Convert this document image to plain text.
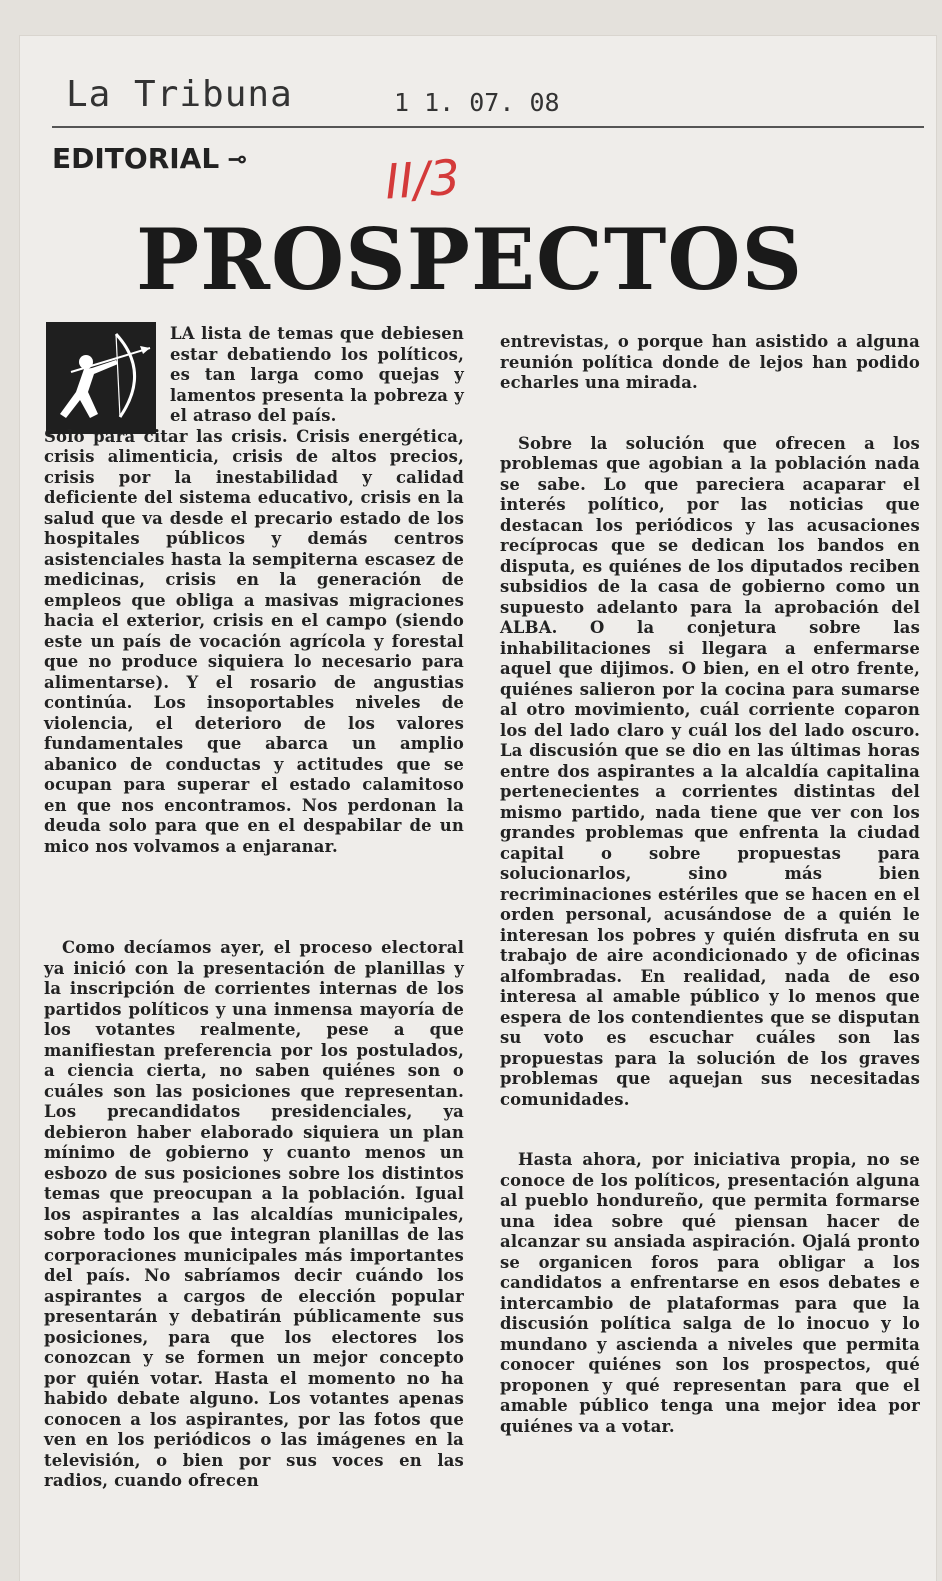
La Tribuna	1 1. 07. 08
EDITORIAL ⊸	II/3
PROSPECTOS
LA lista de temas que debiesen estar debatiendo los políticos, es tan larga como quejas y lamentos presenta la pobreza y el atraso del país.
Solo para citar las crisis. Crisis energética, crisis alimenticia, crisis de altos precios, crisis por la inestabilidad y calidad deficiente del sistema educativo, crisis en la salud que va desde el precario estado de los hospitales públicos y demás centros asistenciales hasta la sempiterna escasez de medicinas, crisis en la generación de empleos que obliga a masivas migraciones hacia el exterior, crisis en el campo (siendo este un país de vocación agrícola y forestal que no produce siquiera lo necesario para alimentarse). Y el rosario de angustias continúa. Los insoportables niveles de violencia, el deterioro de los valores fundamentales que abarca un amplio abanico de conductas y actitudes que se ocupan para superar el estado calamitoso en que nos encontramos. Nos perdonan la deuda solo para que en el despabilar de un mico nos volvamos a enjaranar.

Como decíamos ayer, el proceso electoral ya inició con la presentación de planillas y la inscripción de corrientes internas de los partidos políticos y una inmensa mayoría de los votantes realmente, pese a que manifiestan preferencia por los postulados, a ciencia cierta, no saben quiénes son o cuáles son las posiciones que representan. Los precandidatos presidenciales, ya debieron haber elaborado siquiera un plan mínimo de gobierno y cuanto menos un esbozo de sus posiciones sobre los distintos temas que preocupan a la población. Igual los aspirantes a las alcaldías municipales, sobre todo los que integran planillas de las corporaciones municipales más importantes del país. No sabríamos decir cuándo los aspirantes a cargos de elección popular presentarán y debatirán públicamente sus posiciones, para que los electores los conozcan y se formen un mejor concepto por quién votar. Hasta el momento no ha habido debate alguno. Los votantes apenas conocen a los aspirantes, por las fotos que ven en los periódicos o las imágenes en la televisión, o bien por sus voces en las radios, cuando ofrecen

entrevistas, o porque han asistido a alguna reunión política donde de lejos han podido echarles una mirada.

Sobre la solución que ofrecen a los problemas que agobian a la población nada se sabe. Lo que pareciera acaparar el interés político, por las noticias que destacan los periódicos y las acusaciones recíprocas que se dedican los bandos en disputa, es quiénes de los diputados reciben subsidios de la casa de gobierno como un supuesto adelanto para la aprobación del ALBA. O la conjetura sobre las inhabilitaciones si llegara a enfermarse aquel que dijimos. O bien, en el otro frente, quiénes salieron por la cocina para sumarse al otro movimiento, cuál corriente coparon los del lado claro y cuál los del lado oscuro. La discusión que se dio en las últimas horas entre dos aspirantes a la alcaldía capitalina pertenecientes a corrientes distintas del mismo partido, nada tiene que ver con los grandes problemas que enfrenta la ciudad capital o sobre propuestas para solucionarlos, sino más bien recriminaciones estériles que se hacen en el orden personal, acusándose de a quién le interesan los pobres y quién disfruta en su trabajo de aire acondicionado y de oficinas alfombradas. En realidad, nada de eso interesa al amable público y lo menos que espera de los contendientes que se disputan su voto es escuchar cuáles son las propuestas para la solución de los graves problemas que aquejan sus necesitadas comunidades.

Hasta ahora, por iniciativa propia, no se conoce de los políticos, presentación alguna al pueblo hondureño, que permita formarse una idea sobre qué piensan hacer de alcanzar su ansiada aspiración. Ojalá pronto se organicen foros para obligar a los candidatos a enfrentarse en esos debates e intercambio de plataformas para que la discusión política salga de lo inocuo y lo mundano y ascienda a niveles que permita conocer quiénes son los prospectos, qué proponen y qué representan para que el amable público tenga una mejor idea por quiénes va a votar.
